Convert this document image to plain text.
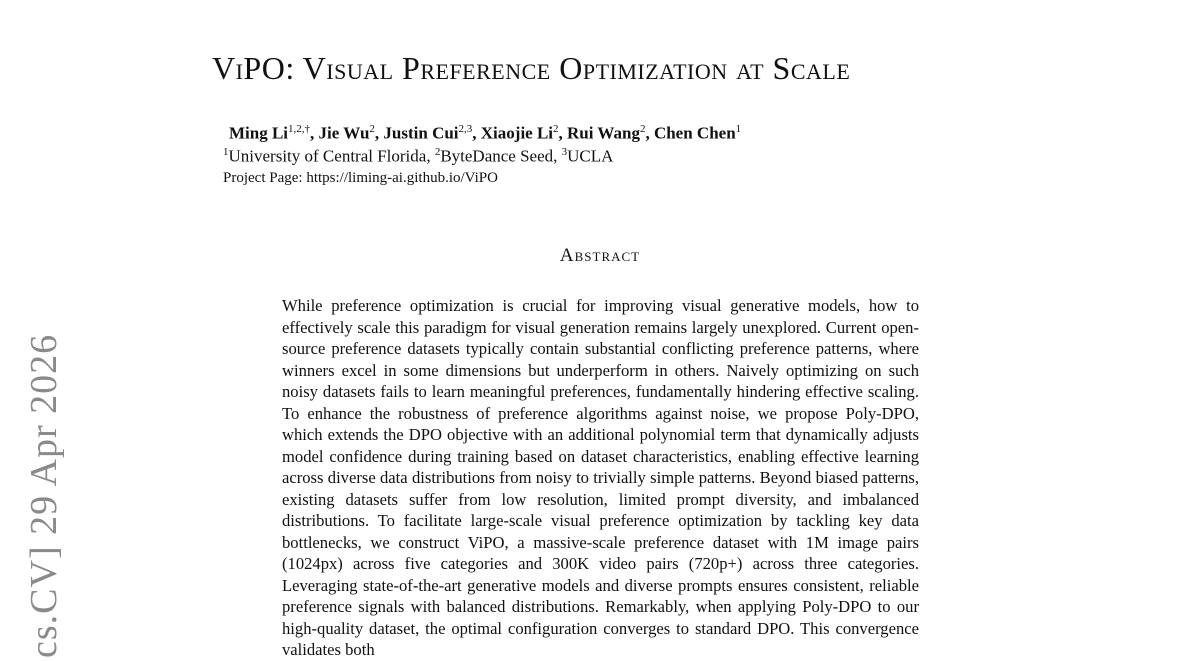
cs.CV] 29 Apr 2026
ViPO: Visual Preference Optimization at Scale
Ming $Li^{1,2,\dagger}$, Jie Wu$^2$, Justin Cui$^{2,3}$, Xiaojie Li$^2$, Rui Wang$^2$, Chen Chen$^1$
$^1$University of Central Florida, $^2$ByteDance Seed, $^3$UCLA
Project Page: https://liming-ai.github.io/ViPO
Abstract
While preference optimization is crucial for improving visual generative models, how to effectively scale this paradigm for visual generation remains largely unexplored. Current open-source preference datasets typically contain substantial conflicting preference patterns, where winners excel in some dimensions but underperform in others. Naively optimizing on such noisy datasets fails to learn meaningful preferences, fundamentally hindering effective scaling. To enhance the robustness of preference algorithms against noise, we propose Poly-DPO, which extends the DPO objective with an additional polynomial term that dynamically adjusts model confidence during training based on dataset characteristics, enabling effective learning across diverse data distributions from noisy to trivially simple patterns. Beyond biased patterns, existing datasets suffer from low resolution, limited prompt diversity, and imbalanced distributions. To facilitate large-scale visual preference optimization by tackling key data bottlenecks, we construct ViPO, a massive-scale preference dataset with 1M image pairs (1024px) across five categories and 300K video pairs (720p+) across three categories. Leveraging state-of-the-art generative models and diverse prompts ensures consistent, reliable preference signals with balanced distributions. Remarkably, when applying Poly-DPO to our high-quality dataset, the optimal configuration converges to standard DPO. This convergence validates both
